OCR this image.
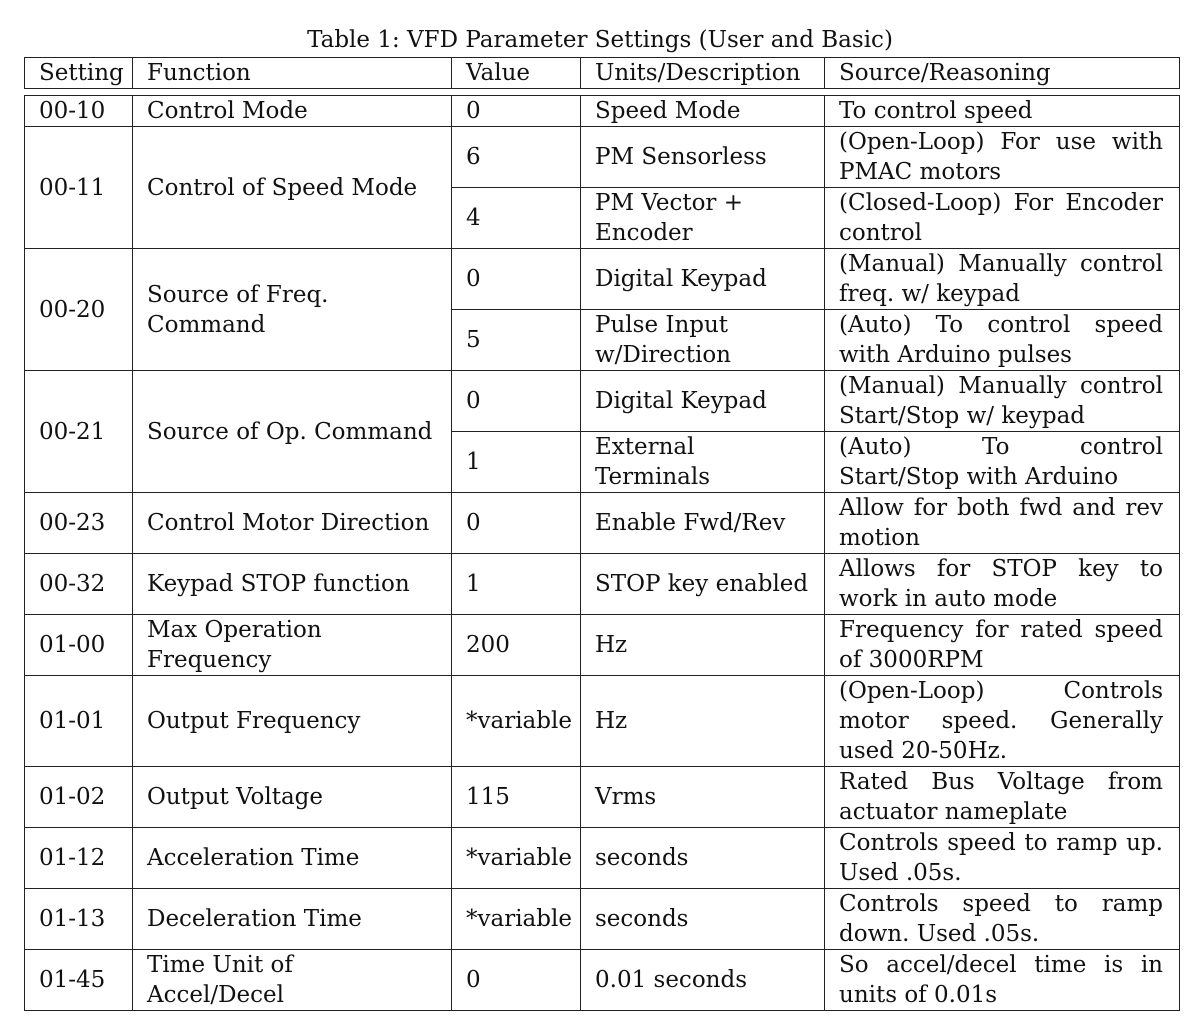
Table 1: VFD Parameter Settings (User and Basic)
Setting	Function	Value	Units/Description	Source/Reasoning
00-10	Control Mode	0	Speed Mode	To control speed
00-11	Control of Speed Mode	6	PM Sensorless	(Open-Loop) For use with PMAC motors
		4	PM Vector + Encoder	(Closed-Loop) For Encoder control
00-20	Source of Freq. Command	0	Digital Keypad	(Manual) Manually control freq. w/ keypad
		5	Pulse Input w/Direction	(Auto) To control speed with Arduino pulses
00-21	Source of Op. Command	0	Digital Keypad	(Manual) Manually control Start/Stop w/ keypad
		1	External Terminals	(Auto) To control Start/Stop with Arduino
00-23	Control Motor Direction	0	Enable Fwd/Rev	Allow for both fwd and rev motion
00-32	Keypad STOP function	1	STOP key enabled	Allows for STOP key to work in auto mode
01-00	Max Operation Frequency	200	Hz	Frequency for rated speed of 3000RPM
01-01	Output Frequency	*variable	Hz	(Open-Loop) Controls motor speed. Generally used 20-50Hz.
01-02	Output Voltage	115	Vrms	Rated Bus Voltage from actuator nameplate
01-12	Acceleration Time	*variable	seconds	Controls speed to ramp up. Used .05s.
01-13	Deceleration Time	*variable	seconds	Controls speed to ramp down. Used .05s.
01-45	Time Unit of Accel/Decel	0	0.01 seconds	So accel/decel time is in units of 0.01s
